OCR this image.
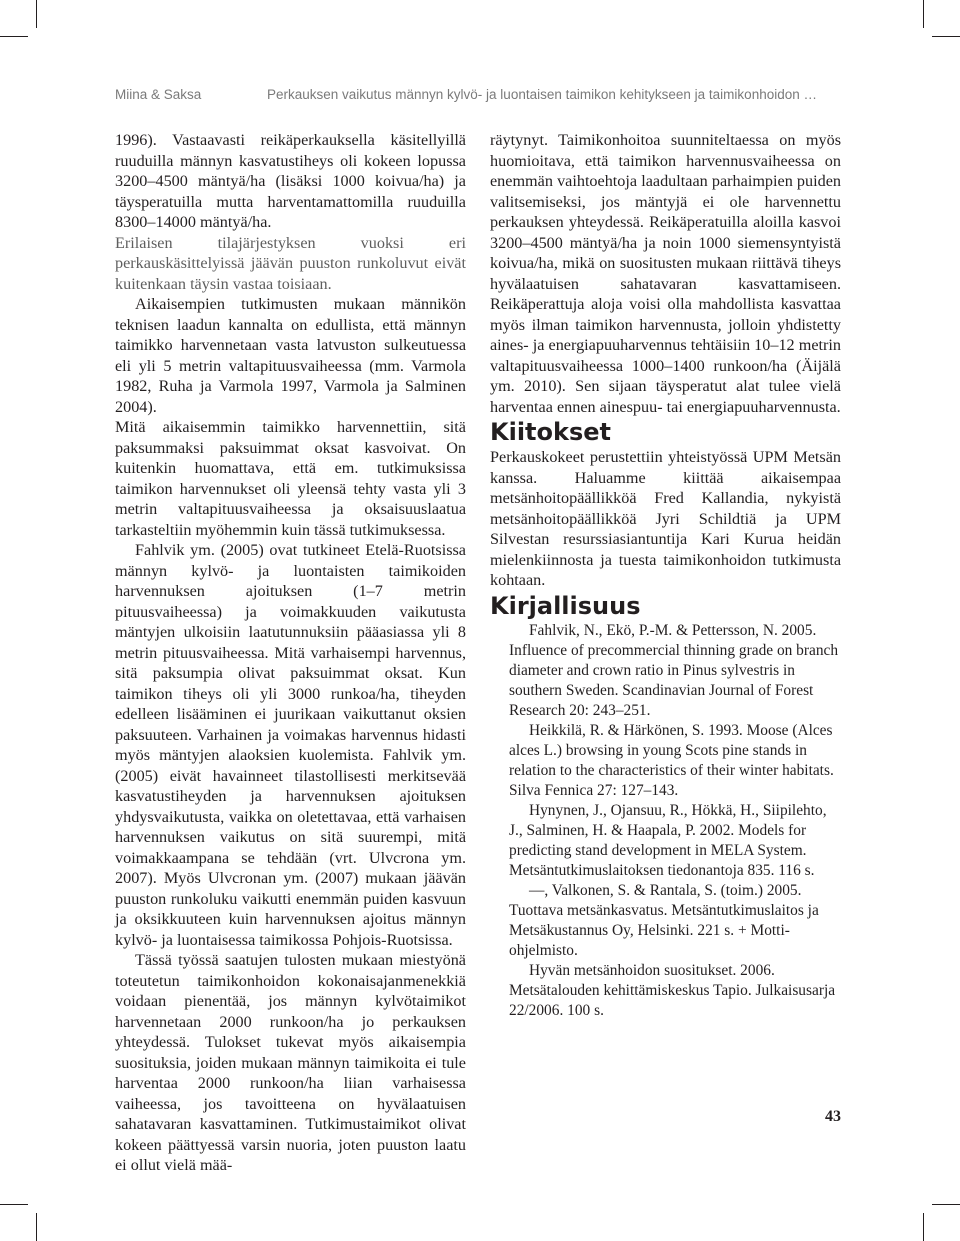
Miina & Saksa	Perkauksen vaikutus männyn kylvö- ja luontaisen taimikon kehitykseen ja taimikonhoidon …

1996). Vastaavasti reikäperkauksella käsitellyillä ruuduilla männyn kasvatustiheys oli kokeen lopussa 3200–4500 mäntyä/ha (lisäksi 1000 koivua/ha) ja täysperatuilla mutta harventamattomilla ruuduilla 8300–14000 mäntyä/ha.

Erilaisen tilajärjestyksen vuoksi eri perkauskäsittelyissä jäävän puuston runkoluvut eivät kuitenkaan täysin vastaa toisiaan.

Aikaisempien tutkimusten mukaan männikön teknisen laadun kannalta on edullista, että männyn taimikko harvennetaan vasta latvuston sulkeutuessa eli yli 5 metrin valtapituusvaiheessa (mm. Varmola 1982, Ruha ja Varmola 1997, Varmola ja Salminen 2004).

Mitä aikaisemmin taimikko harvennettiin, sitä paksummaksi paksuimmat oksat kasvoivat. On kuitenkin huomattava, että em. tutkimuksissa taimikon harvennukset oli yleensä tehty vasta yli 3 metrin valtapituusvaiheessa ja oksaisuuslaatua tarkasteltiin myöhemmin kuin tässä tutkimuksessa.

Fahlvik ym. (2005) ovat tutkineet Etelä-Ruotsissa männyn kylvö- ja luontaisten taimikoiden harvennuksen ajoituksen (1–7 metrin pituusvaiheessa) ja voimakkuuden vaikutusta mäntyjen ulkoisiin laatutunnuksiin pääasiassa yli 8 metrin pituusvaiheessa. Mitä varhaisempi harvennus, sitä paksumpia olivat paksuimmat oksat. Kun taimikon tiheys oli yli 3000 runkoa/ha, tiheyden edelleen lisääminen ei juurikaan vaikuttanut oksien paksuuteen. Varhainen ja voimakas harvennus hidasti myös mäntyjen alaoksien kuolemista. Fahlvik ym. (2005) eivät havainneet tilastollisesti merkitsevää kasvatustiheyden ja harvennuksen ajoituksen yhdysvaikutusta, vaikka on oletettavaa, että varhaisen harvennuksen vaikutus on sitä suurempi, mitä voimakkaampana se tehdään (vrt. Ulvcrona ym. 2007). Myös Ulvcronan ym. (2007) mukaan jäävän puuston runkoluku vaikutti enemmän puiden kasvuun ja oksikkuuteen kuin harvennuksen ajoitus männyn kylvö- ja luontaisessa taimikossa Pohjois-Ruotsissa.

Tässä työssä saatujen tulosten mukaan miestyönä toteutetun taimikonhoidon kokonaisajanmenekkiä voidaan pienentää, jos männyn kylvötaimikot harvennetaan 2000 runkoon/ha jo perkauksen yhteydessä. Tulokset tukevat myös aikaisempia suosituksia, joiden mukaan männyn taimikoita ei tule harventaa 2000 runkoon/ha liian varhaisessa vaiheessa, jos tavoitteena on hyvälaatuisen sahatavaran kasvattaminen. Tutkimustaimikot olivat kokeen päättyessä varsin nuoria, joten puuston laatu ei ollut vielä mää-

räytynyt. Taimikonhoitoa suunniteltaessa on myös huomioitava, että taimikon harvennusvaiheessa on enemmän vaihtoehtoja laadultaan parhaimpien puiden valitsemiseksi, jos mäntyjä ei ole harvennettu perkauksen yhteydessä. Reikäperatuilla aloilla kasvoi 3200–4500 mäntyä/ha ja noin 1000 siemensyntyistä koivua/ha, mikä on suositusten mukaan riittävä tiheys hyvälaatuisen sahatavaran kasvattamiseen. Reikäperattuja aloja voisi olla mahdollista kasvattaa myös ilman taimikon harvennusta, jolloin yhdistetty aines- ja energiapuuharvennus tehtäisiin 10–12 metrin valtapituusvaiheessa 1000–1400 runkoon/ha (Äijälä ym. 2010). Sen sijaan täysperatut alat tulee vielä harventaa ennen ainespuu- tai energiapuuharvennusta.

Kiitokset

Perkauskokeet perustettiin yhteistyössä UPM Metsän kanssa. Haluamme kiittää aikaisempaa metsänhoitopäällikköä Fred Kallandia, nykyistä metsänhoitopäällikköä Jyri Schildtiä ja UPM Silvestan resurssiasiantuntija Kari Kurua heidän mielenkiinnosta ja tuesta taimikonhoidon tutkimusta kohtaan.

Kirjallisuus

Fahlvik, N., Ekö, P.-M. & Pettersson, N. 2005. Influence of precommercial thinning grade on branch diameter and crown ratio in Pinus sylvestris in southern Sweden. Scandinavian Journal of Forest Research 20: 243–251.

Heikkilä, R. & Härkönen, S. 1993. Moose (Alces alces L.) browsing in young Scots pine stands in relation to the characteristics of their winter habitats. Silva Fennica 27: 127–143.

Hynynen, J., Ojansuu, R., Hökkä, H., Siipilehto, J., Salminen, H. & Haapala, P. 2002. Models for predicting stand development in MELA System. Metsäntutkimuslaitoksen tiedonantoja 835. 116 s.

—, Valkonen, S. & Rantala, S. (toim.) 2005. Tuottava metsänkasvatus. Metsäntutkimuslaitos ja Metsäkustannus Oy, Helsinki. 221 s. + Motti-ohjelmisto.

Hyvän metsänhoidon suositukset. 2006. Metsätalouden kehittämiskeskus Tapio. Julkaisusarja 22/2006. 100 s.

43
